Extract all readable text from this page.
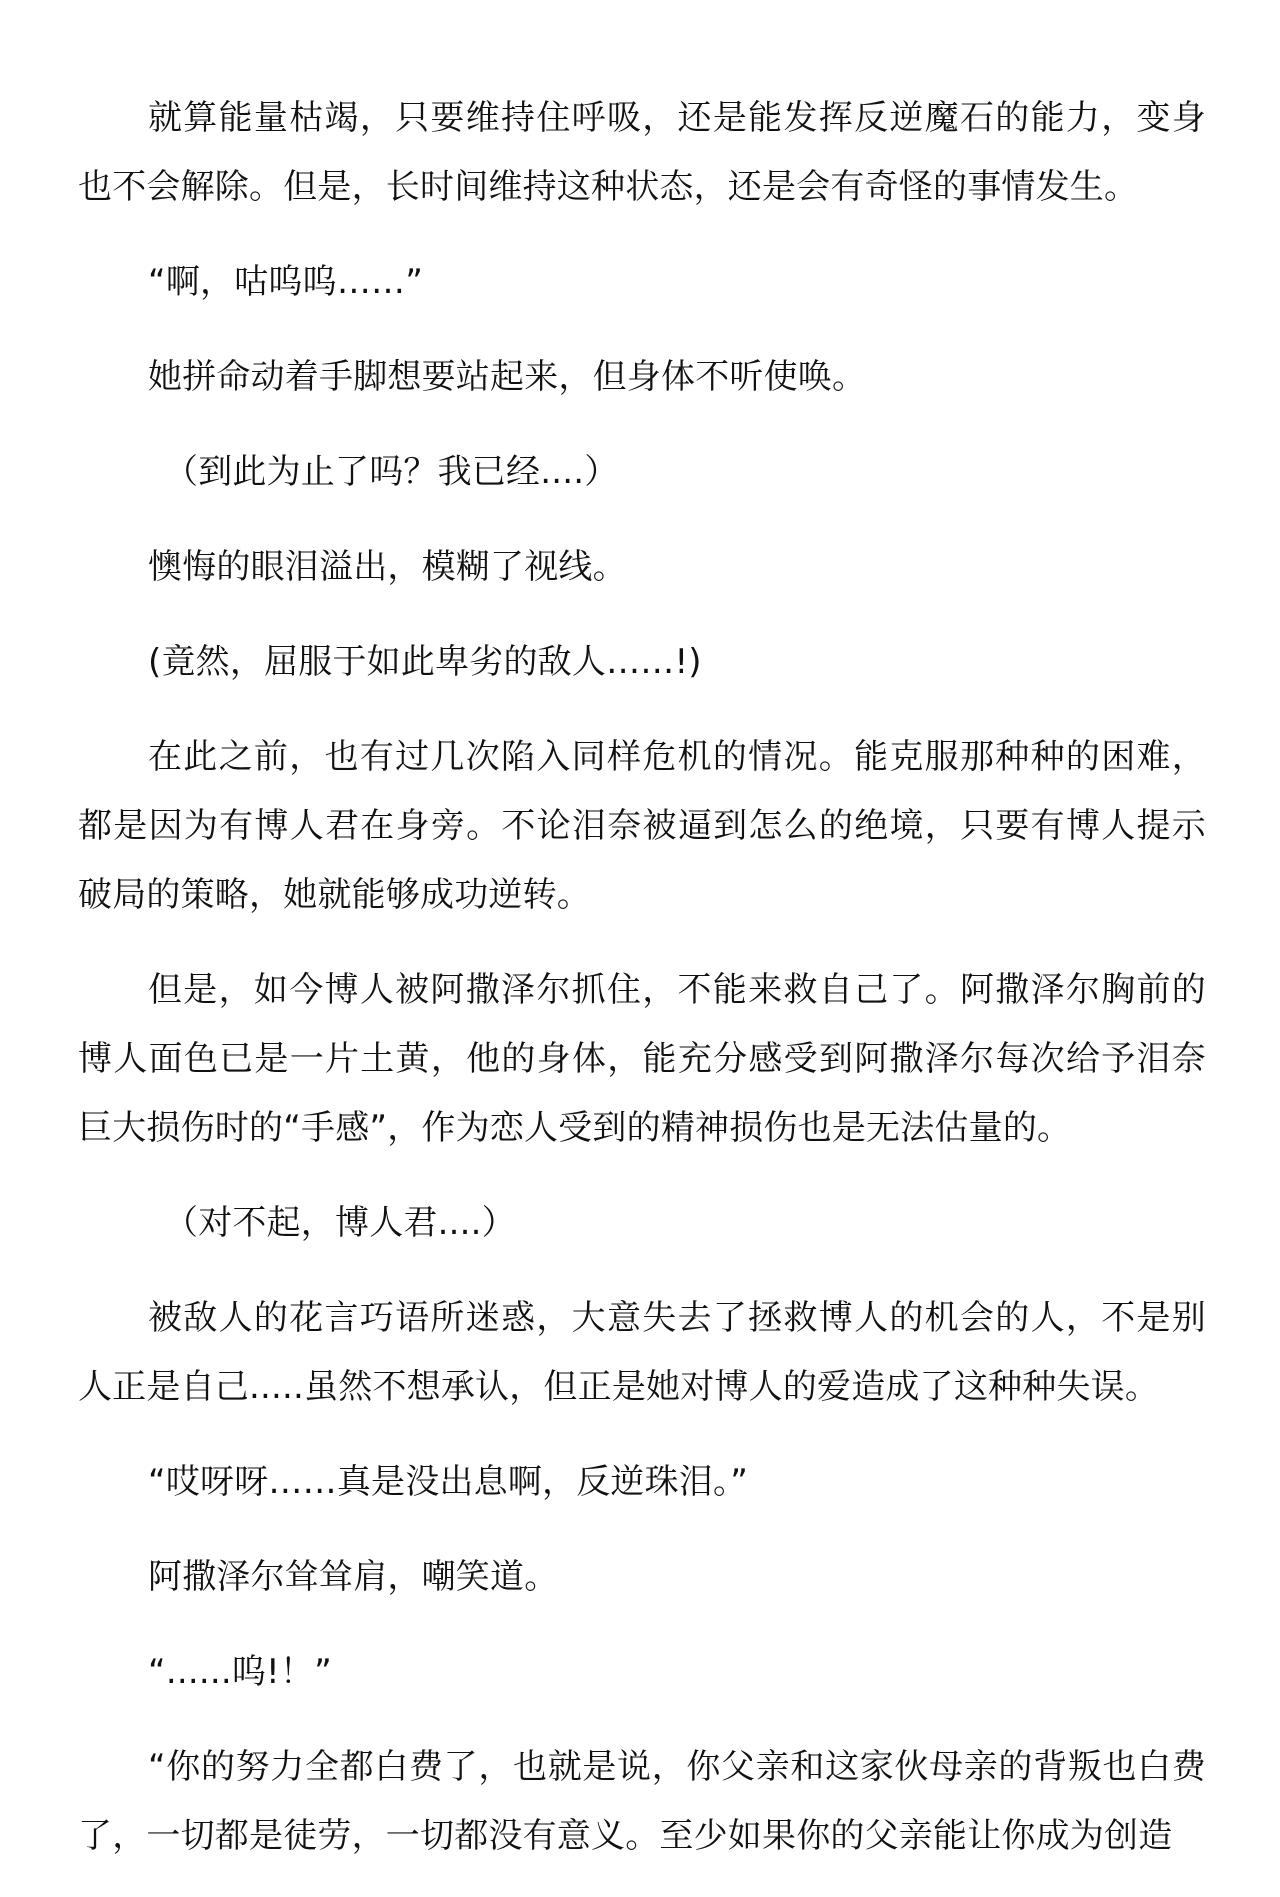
就算能量枯竭，只要维持住呼吸，还是能发挥反逆魔石的能力，变身也不会解除。但是，长时间维持这种状态，还是会有奇怪的事情发生。

“啊，咕呜呜……”

她拼命动着手脚想要站起来，但身体不听使唤。

（到此为止了吗？我已经....）

懊悔的眼泪溢出，模糊了视线。

(竟然，屈服于如此卑劣的敌人……!)

在此之前，也有过几次陷入同样危机的情况。能克服那种种的困难，都是因为有博人君在身旁。不论泪奈被逼到怎么的绝境，只要有博人提示破局的策略，她就能够成功逆转。

但是，如今博人被阿撒泽尔抓住，不能来救自己了。阿撒泽尔胸前的博人面色已是一片土黄，他的身体，能充分感受到阿撒泽尔每次给予泪奈巨大损伤时的“手感”，作为恋人受到的精神损伤也是无法估量的。

（对不起，博人君....）

被敌人的花言巧语所迷惑，大意失去了拯救博人的机会的人，不是别人正是自己.....虽然不想承认，但正是她对博人的爱造成了这种种失误。

“哎呀呀……真是没出息啊，反逆珠泪。”

阿撒泽尔耸耸肩，嘲笑道。

“......呜!！”

“你的努力全都白费了，也就是说，你父亲和这家伙母亲的背叛也白费了，一切都是徒劳，一切都没有意义。至少如果你的父亲能让你成为创造
